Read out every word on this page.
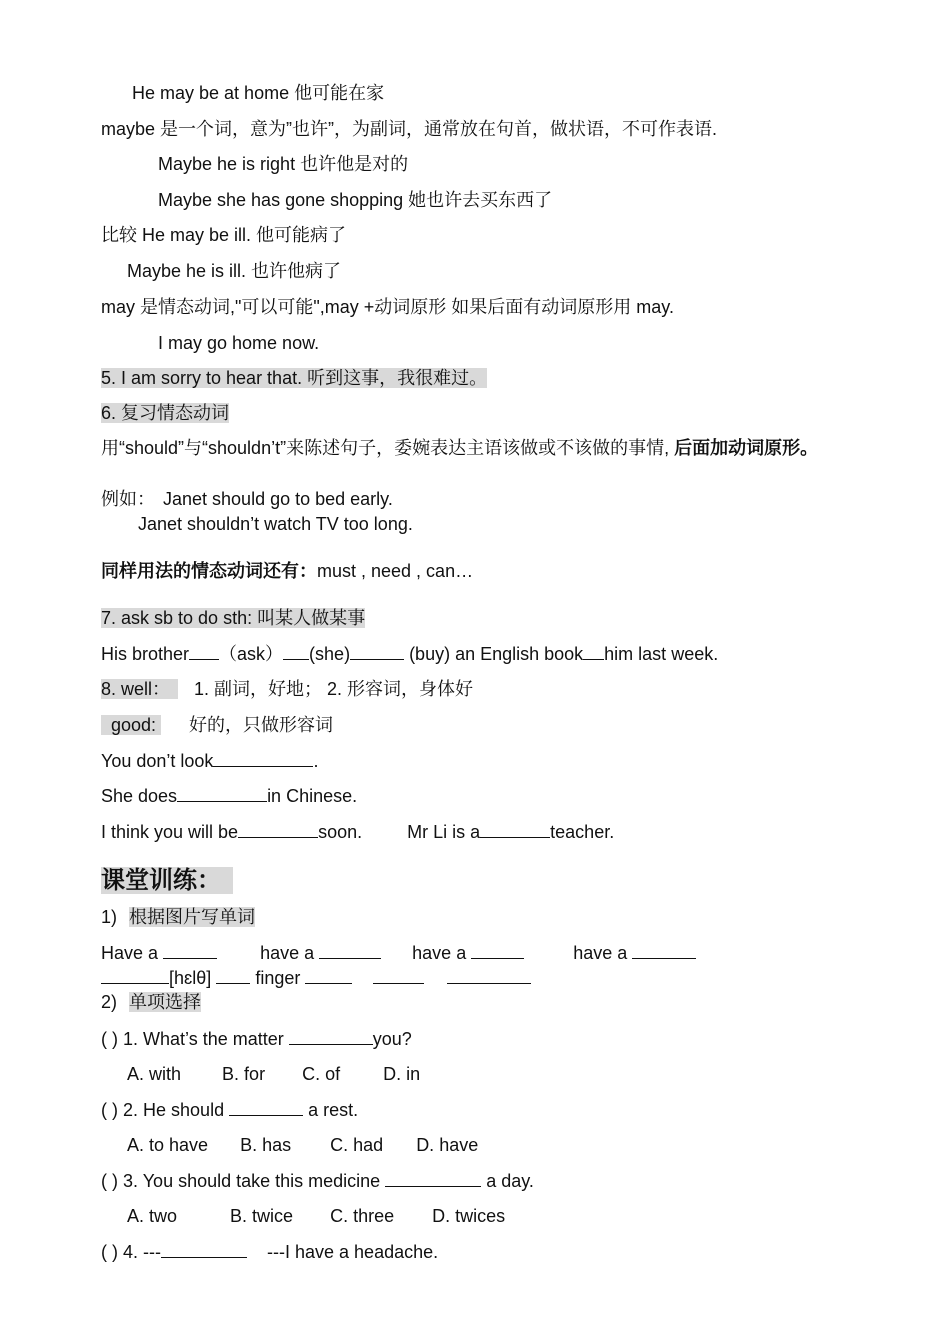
He may be at home 他可能在家
maybe 是一个词，意为”也许”，为副词，通常放在句首，做状语，不可作表语.
Maybe he is right 也许他是对的
Maybe she has gone shopping 她也许去买东西了
比较 He may be ill. 他可能病了
Maybe he is ill. 也许他病了
may 是情态动词,"可以可能",may +动词原形 如果后面有动词原形用 may.
I may go home now.
5. I am sorry to hear that. 听到这事，我很难过。
6. 复习情态动词
用“should”与“shouldn’t”来陈述句子，委婉表达主语该做或不该做的事情, 后面加动词原形。
例如： Janet should go to bed early.
Janet shouldn’t watch TV too long.
同样用法的情态动词还有：must , need , can…
7. ask sb to do sth: 叫某人做某事
His brother （ask） (she)	(buy) an English book him last week.
8. well： 1. 副词，好地； 2. 形容词，身体好
good: 好的，只做形容词
You don’t look	.
She does	in Chinese.
I think you will be	soon.	Mr Li is a	teacher.
课堂训练：
1) 根据图片写单词
Have a	have a	have a	have a
[hɛlθ] finger
2) 单项选择
( ) 1. What’s the matter	you?
A. with B. for C. of D. in
( ) 2. He should	a rest.
A. to have B. has C. had D. have
( ) 3. You should take this medicine	a day.
A. two	B. twice C. three D. twices
( ) 4. ---	---I have a headache.
